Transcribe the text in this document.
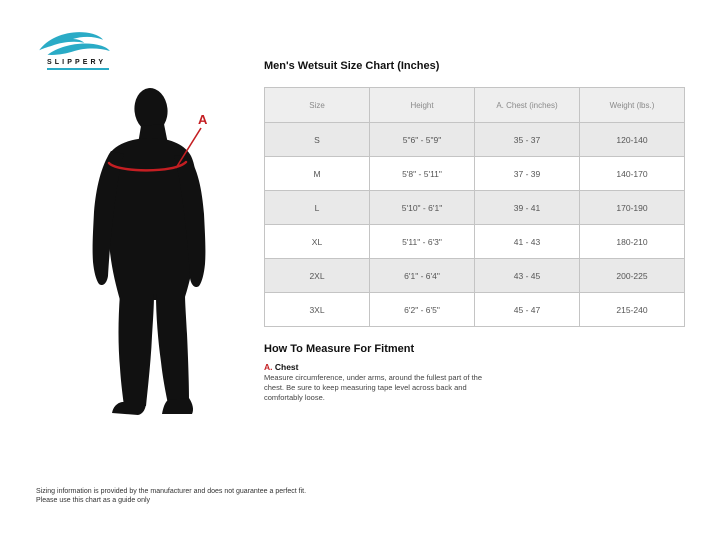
SLIPPERY
A
Men's Wetsuit Size Chart (Inches)
Size	Height	A. Chest (inches)	Weight (lbs.)
S	5"6" - 5"9"	35 - 37	120-140
M	5'8" - 5'11"	37 - 39	140-170
L	5'10" - 6'1"	39 - 41	170-190
XL	5'11" - 6'3"	41 - 43	180-210
2XL	6'1" - 6'4"	43 - 45	200-225
3XL	6'2" - 6'5"	45 - 47	215-240
How To Measure For Fitment
A. Chest

Measure circumference, under arms, around the fullest part of the chest. Be sure to keep measuring tape level across back and comfortably loose.

Sizing information is provided by the manufacturer and does not guarantee a perfect fit.
Please use this chart as a guide only
